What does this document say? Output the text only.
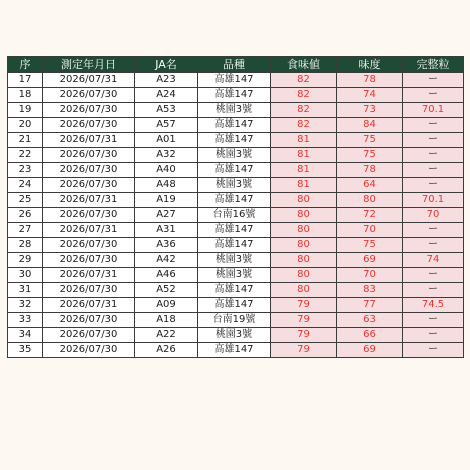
序	測定年月日	JA名	品種	食味値	味度	完整粒
17	2026/07/31	A23	高雄147	82	78	ー
18	2026/07/30	A24	高雄147	82	74	ー
19	2026/07/30	A53	桃園3號	82	73	70.1
20	2026/07/30	A57	高雄147	82	84	ー
21	2026/07/31	A01	高雄147	81	75	ー
22	2026/07/30	A32	桃園3號	81	75	ー
23	2026/07/30	A40	高雄147	81	78	ー
24	2026/07/30	A48	桃園3號	81	64	ー
25	2026/07/31	A19	高雄147	80	80	70.1
26	2026/07/30	A27	台南16號	80	72	70
27	2026/07/31	A31	高雄147	80	70	ー
28	2026/07/30	A36	高雄147	80	75	ー
29	2026/07/30	A42	桃園3號	80	69	74
30	2026/07/31	A46	桃園3號	80	70	ー
31	2026/07/30	A52	高雄147	80	83	ー
32	2026/07/31	A09	高雄147	79	77	74.5
33	2026/07/30	A18	台南19號	79	63	ー
34	2026/07/30	A22	桃園3號	79	66	ー
35	2026/07/30	A26	高雄147	79	69	ー
